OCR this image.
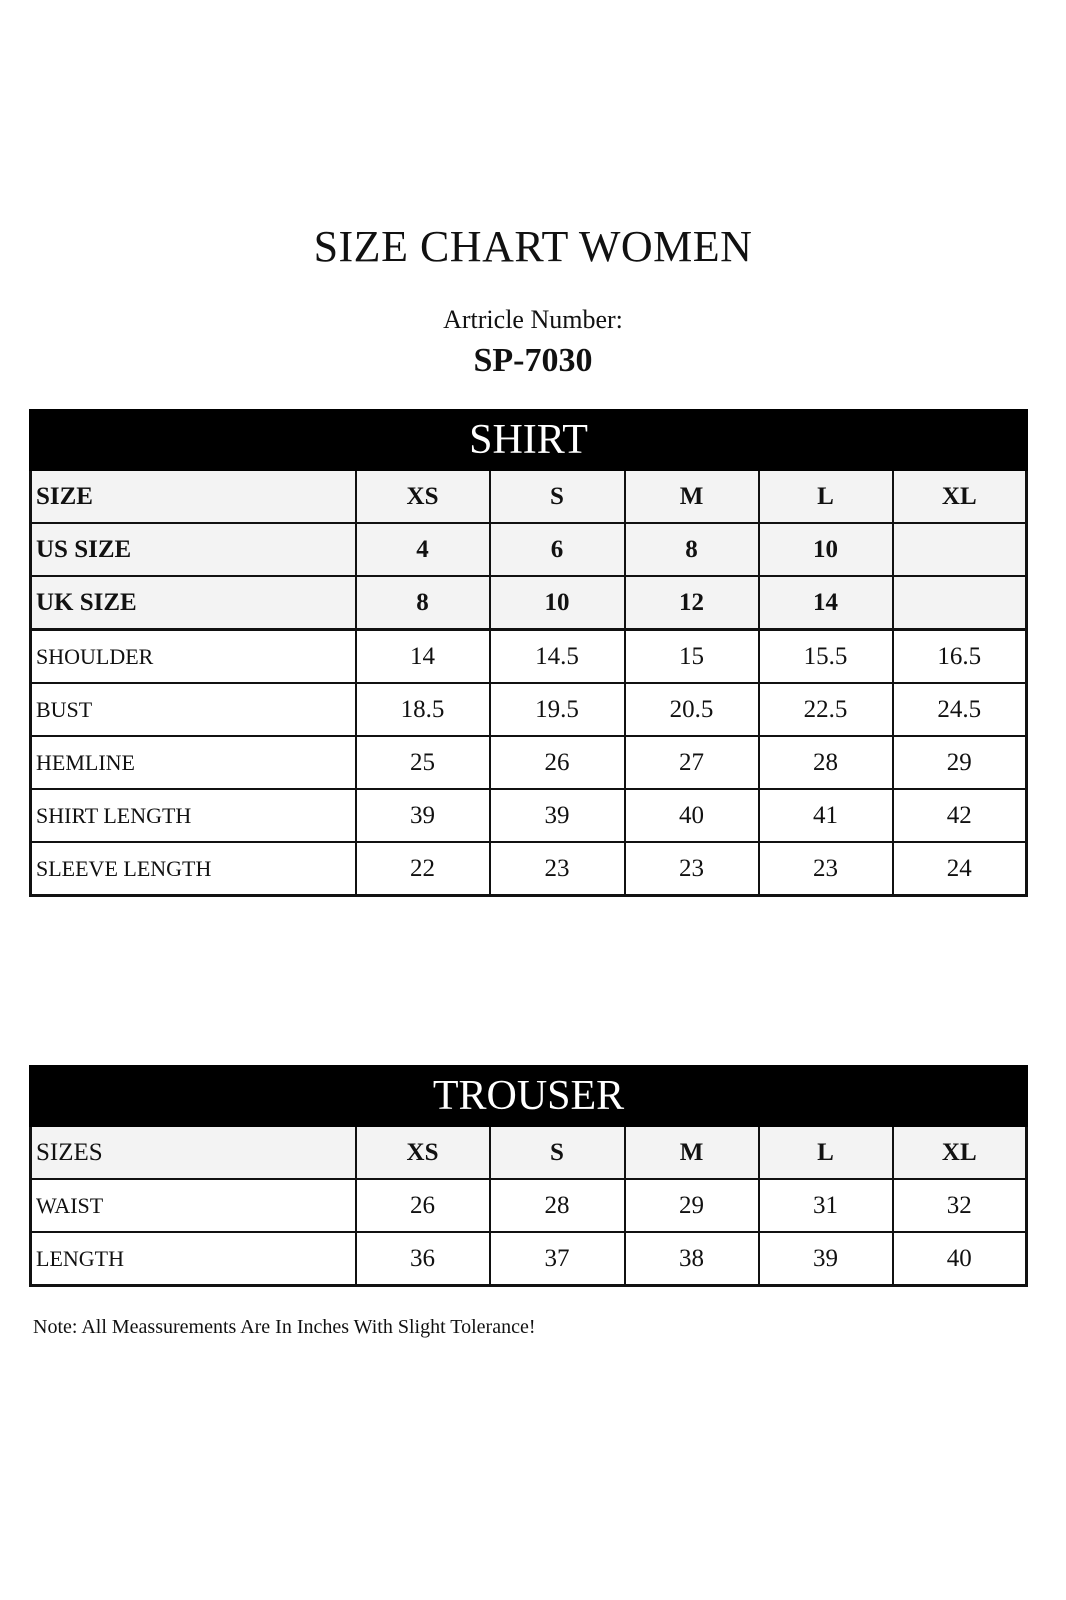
SIZE CHART WOMEN
Artricle Number:
SP-7030
SHIRT					
SIZE	XS	S	M	L	XL
US SIZE	4	6	8	10	
UK SIZE	8	10	12	14	
SHOULDER	14	14.5	15	15.5	16.5
BUST	18.5	19.5	20.5	22.5	24.5
HEMLINE	25	26	27	28	29
SHIRT LENGTH	39	39	40	41	42
SLEEVE LENGTH	22	23	23	23	24
TROUSER					
SIZES	XS	S	M	L	XL
WAIST	26	28	29	31	32
LENGTH	36	37	38	39	40
Note: All Meassurements Are In Inches With Slight Tolerance!
